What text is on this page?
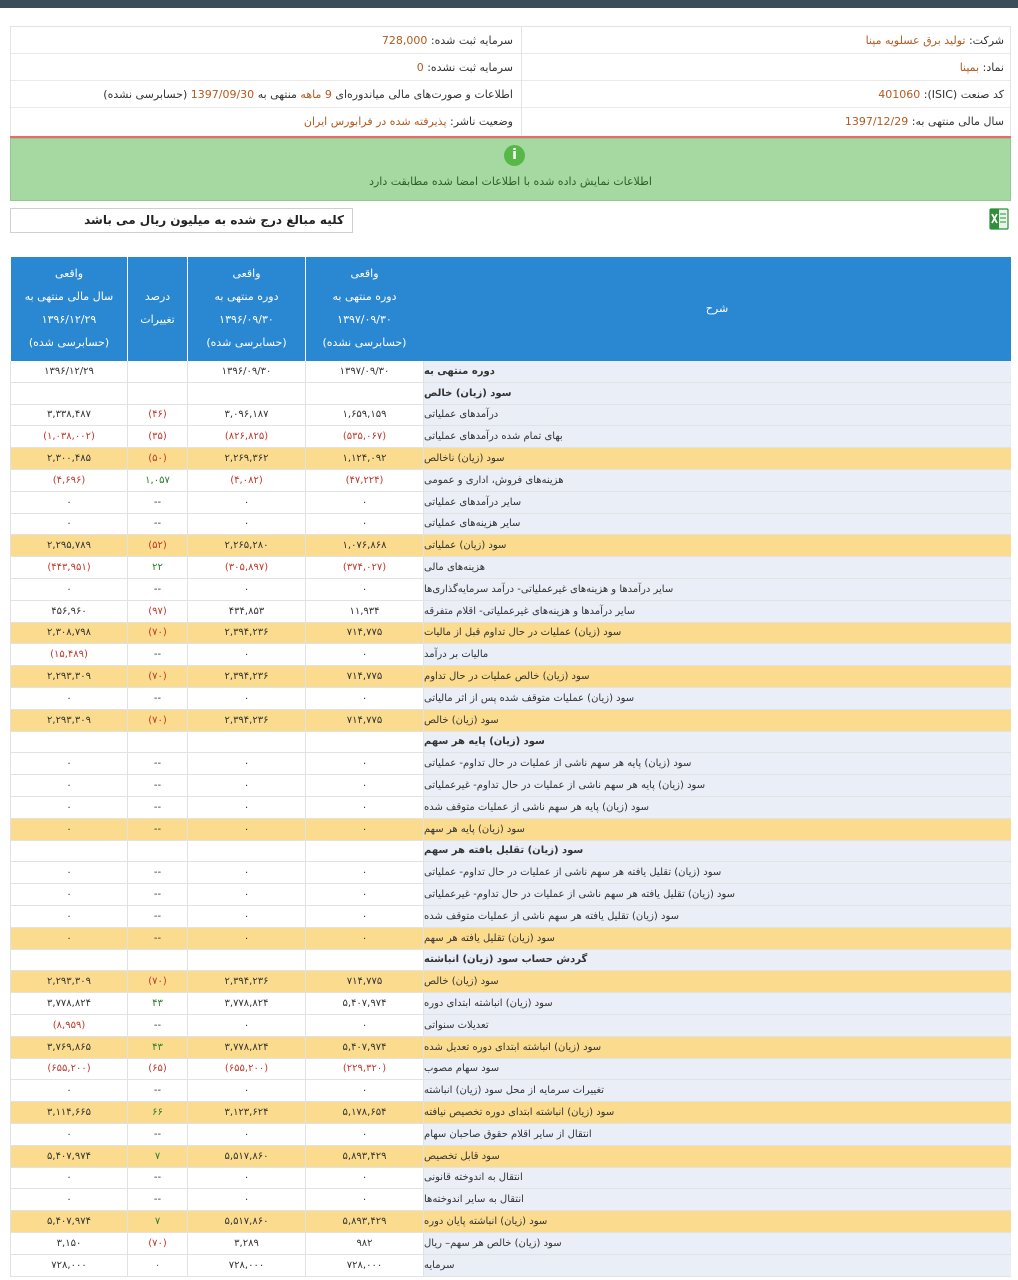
شرکت: تولید برق عسلویه مپنا
سرمایه ثبت شده: 728,000
نماد: بمپنا
سرمایه ثبت نشده: 0
کد صنعت (ISIC): 401060
اطلاعات و صورت‌های مالی میاندوره‌ای 9 ماهه منتهی به 1397/09/30 (حسابرسی نشده)
سال مالی منتهی به: 1397/12/29
وضعیت ناشر: پذیرفته شده در فرابورس ایران
i
اطلاعات نمایش داده شده با اطلاعات امضا شده مطابقت دارد
کلیه مبالغ درج شده به میلیون ریال می باشد
واقعی
سال مالی منتهی به
۱۳۹۶/۱۲/۲۹
(حسابرسی شده)
درصد
تغییرات
واقعی
دوره منتهی به
۱۳۹۶/۰۹/۳۰
(حسابرسی شده)
واقعی
دوره منتهی به
۱۳۹۷/۰۹/۳۰
(حسابرسی نشده)
شرح
۱۳۹۶/۱۲/۲۹	۱۳۹۶/۰۹/۳۰	۱۳۹۷/۰۹/۳۰	دوره منتهی به
سود (زیان) خالص
۳,۳۳۸,۴۸۷	(۴۶)	۳,۰۹۶,۱۸۷	۱,۶۵۹,۱۵۹	درآمدهای عملیاتی
(۱,۰۳۸,۰۰۲)	(۳۵)	(۸۲۶,۸۲۵)	(۵۳۵,۰۶۷)	بهای تمام شده درآمدهای عملیاتی
۲,۳۰۰,۴۸۵	(۵۰)	۲,۲۶۹,۳۶۲	۱,۱۲۴,۰۹۲	سود (زیان) ناخالص
(۴,۶۹۶)	۱,۰۵۷	(۴,۰۸۲)	(۴۷,۲۲۴)	هزینه‌های فروش، اداری و عمومی
۰	--	۰	۰	سایر درآمدهای عملیاتی
۰	--	۰	۰	سایر هزینه‌های عملیاتی
۲,۲۹۵,۷۸۹	(۵۲)	۲,۲۶۵,۲۸۰	۱,۰۷۶,۸۶۸	سود (زیان) عملیاتی
(۴۴۳,۹۵۱)	۲۲	(۳۰۵,۸۹۷)	(۳۷۴,۰۲۷)	هزینه‌های مالی
۰	--	۰	۰	سایر درآمدها و هزینه‌های غیرعملیاتی- درآمد سرمایه‌گذاری‌ها
۴۵۶,۹۶۰	(۹۷)	۴۳۴,۸۵۳	۱۱,۹۳۴	سایر درآمدها و هزینه‌های غیرعملیاتی- اقلام متفرقه
۲,۳۰۸,۷۹۸	(۷۰)	۲,۳۹۴,۲۳۶	۷۱۴,۷۷۵	سود (زیان) عملیات در حال تداوم قبل از مالیات
(۱۵,۴۸۹)	--	۰	۰	مالیات بر درآمد
۲,۲۹۳,۳۰۹	(۷۰)	۲,۳۹۴,۲۳۶	۷۱۴,۷۷۵	سود (زیان) خالص عملیات در حال تداوم
۰	--	۰	۰	سود (زیان) عملیات متوقف شده پس از اثر مالیاتی
۲,۲۹۳,۳۰۹	(۷۰)	۲,۳۹۴,۲۳۶	۷۱۴,۷۷۵	سود (زیان) خالص
سود (زیان) پایه هر سهم
۰	--	۰	۰	سود (زیان) پایه هر سهم ناشی از عملیات در حال تداوم- عملیاتی
۰	--	۰	۰	سود (زیان) پایه هر سهم ناشی از عملیات در حال تداوم- غیرعملیاتی
۰	--	۰	۰	سود (زیان) پایه هر سهم ناشی از عملیات متوقف شده
۰	--	۰	۰	سود (زیان) پایه هر سهم
سود (زیان) تقلیل یافته هر سهم
۰	--	۰	۰	سود (زیان) تقلیل یافته هر سهم ناشی از عملیات در حال تداوم- عملیاتی
۰	--	۰	۰	سود (زیان) تقلیل یافته هر سهم ناشی از عملیات در حال تداوم- غیرعملیاتی
۰	--	۰	۰	سود (زیان) تقلیل یافته هر سهم ناشی از عملیات متوقف شده
۰	--	۰	۰	سود (زیان) تقلیل یافته هر سهم
گردش حساب سود (زیان) انباشته
۲,۲۹۳,۳۰۹	(۷۰)	۲,۳۹۴,۲۳۶	۷۱۴,۷۷۵	سود (زیان) خالص
۳,۷۷۸,۸۲۴	۴۳	۳,۷۷۸,۸۲۴	۵,۴۰۷,۹۷۴	سود (زیان) انباشته ابتدای دوره
(۸,۹۵۹)	--	۰	۰	تعدیلات سنواتی
۳,۷۶۹,۸۶۵	۴۳	۳,۷۷۸,۸۲۴	۵,۴۰۷,۹۷۴	سود (زیان) انباشته ابتدای دوره تعدیل شده
(۶۵۵,۲۰۰)	(۶۵)	(۶۵۵,۲۰۰)	(۲۲۹,۳۲۰)	سود سهام مصوب
۰	--	۰	۰	تغییرات سرمایه از محل سود (زیان) انباشته
۳,۱۱۴,۶۶۵	۶۶	۳,۱۲۳,۶۲۴	۵,۱۷۸,۶۵۴	سود (زیان) انباشته ابتدای دوره تخصیص نیافته
۰	--	۰	۰	انتقال از سایر اقلام حقوق صاحبان سهام
۵,۴۰۷,۹۷۴	۷	۵,۵۱۷,۸۶۰	۵,۸۹۳,۴۲۹	سود قابل تخصیص
۰	--	۰	۰	انتقال به اندوخته قانونی
۰	--	۰	۰	انتقال به سایر اندوخته‌ها
۵,۴۰۷,۹۷۴	۷	۵,۵۱۷,۸۶۰	۵,۸۹۳,۴۲۹	سود (زیان) انباشته پایان دوره
۳,۱۵۰	(۷۰)	۳,۲۸۹	۹۸۲	سود (زیان) خالص هر سهم– ریال
۷۲۸,۰۰۰	۰	۷۲۸,۰۰۰	۷۲۸,۰۰۰	سرمایه
